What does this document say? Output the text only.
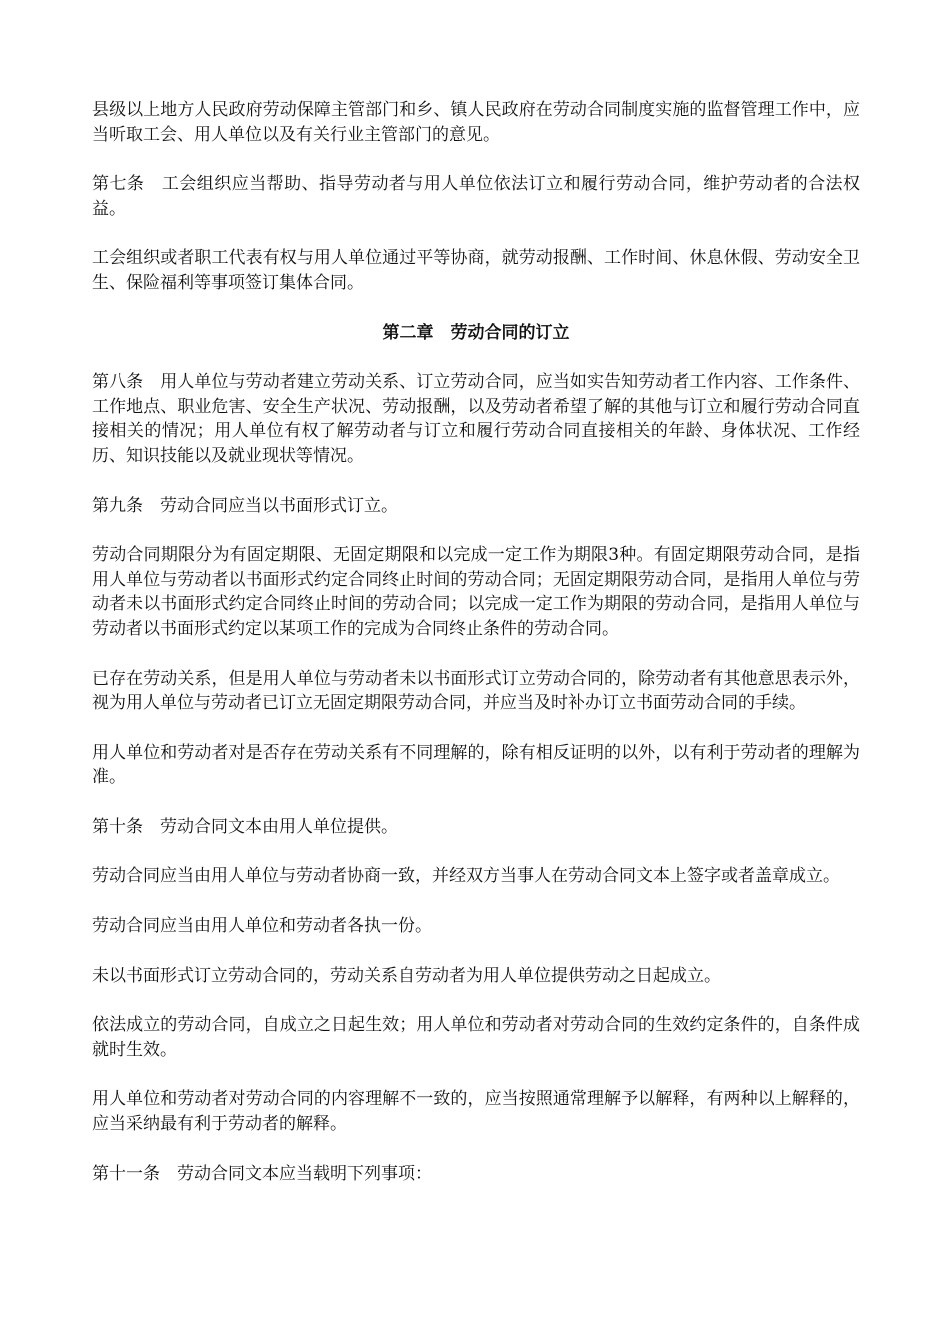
县级以上地方人民政府劳动保障主管部门和乡、镇人民政府在劳动合同制度实施的监督管理工作中，应当听取工会、用人单位以及有关行业主管部门的意见。

第七条　工会组织应当帮助、指导劳动者与用人单位依法订立和履行劳动合同，维护劳动者的合法权益。

工会组织或者职工代表有权与用人单位通过平等协商，就劳动报酬、工作时间、休息休假、劳动安全卫生、保险福利等事项签订集体合同。

第二章　劳动合同的订立

第八条　用人单位与劳动者建立劳动关系、订立劳动合同，应当如实告知劳动者工作内容、工作条件、工作地点、职业危害、安全生产状况、劳动报酬，以及劳动者希望了解的其他与订立和履行劳动合同直接相关的情况；用人单位有权了解劳动者与订立和履行劳动合同直接相关的年龄、身体状况、工作经历、知识技能以及就业现状等情况。

第九条　劳动合同应当以书面形式订立。

劳动合同期限分为有固定期限、无固定期限和以完成一定工作为期限3种。有固定期限劳动合同，是指用人单位与劳动者以书面形式约定合同终止时间的劳动合同；无固定期限劳动合同，是指用人单位与劳动者未以书面形式约定合同终止时间的劳动合同；以完成一定工作为期限的劳动合同，是指用人单位与劳动者以书面形式约定以某项工作的完成为合同终止条件的劳动合同。

已存在劳动关系，但是用人单位与劳动者未以书面形式订立劳动合同的，除劳动者有其他意思表示外，视为用人单位与劳动者已订立无固定期限劳动合同，并应当及时补办订立书面劳动合同的手续。

用人单位和劳动者对是否存在劳动关系有不同理解的，除有相反证明的以外，以有利于劳动者的理解为准。

第十条　劳动合同文本由用人单位提供。

劳动合同应当由用人单位与劳动者协商一致，并经双方当事人在劳动合同文本上签字或者盖章成立。

劳动合同应当由用人单位和劳动者各执一份。

未以书面形式订立劳动合同的，劳动关系自劳动者为用人单位提供劳动之日起成立。

依法成立的劳动合同，自成立之日起生效；用人单位和劳动者对劳动合同的生效约定条件的，自条件成就时生效。

用人单位和劳动者对劳动合同的内容理解不一致的，应当按照通常理解予以解释，有两种以上解释的，应当采纳最有利于劳动者的解释。

第十一条　劳动合同文本应当载明下列事项：
